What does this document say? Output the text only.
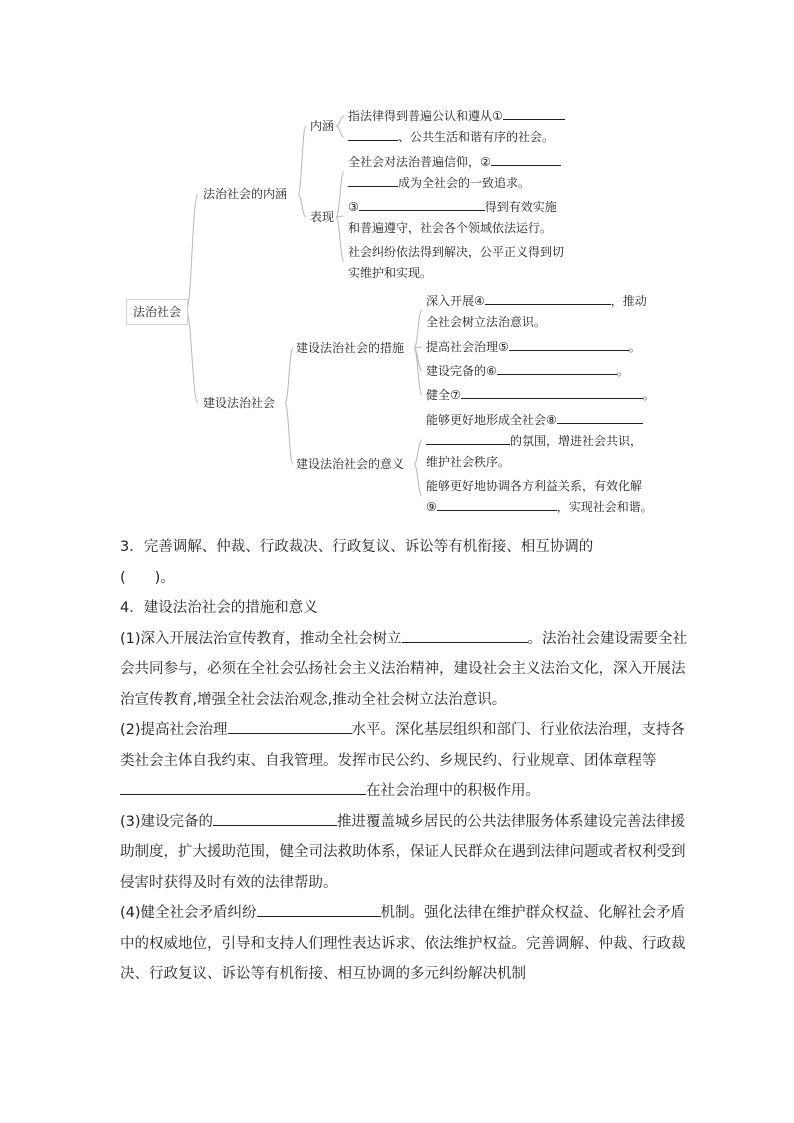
法治社会
法治社会的内涵
内涵
表现
指法律得到普遍公认和遵从①
、公共生活和谐有序的社会。
全社会对法治普遍信仰，②
成为全社会的一致追求。
③	得到有效实施
和普遍遵守，社会各个领域依法运行。
社会纠纷依法得到解决，公平正义得到切
实维护和实现。
建设法治社会
建设法治社会的措施
建设法治社会的意义
深入开展④	，推动
全社会树立法治意识。
提高社会治理⑤	。
建设完备的⑥	。
健全⑦	。
能够更好地形成全社会⑧
的氛围，增进社会共识，
维护社会秩序。
能够更好地协调各方利益关系，有效化解
⑨	，实现社会和谐。

3．完善调解、仲裁、行政裁决、行政复议、诉讼等有机衔接、相互协调的

(　　)。

4．建设法治社会的措施和意义

(1)深入开展法治宣传教育，推动全社会树立	。法治社会建设需要全社会共同参与，必须在全社会弘扬社会主义法治精神，建设社会主义法治文化，深入开展法治宣传教育,增强全社会法治观念,推动全社会树立法治意识。

(2)提高社会治理	水平。深化基层组织和部门、行业依法治理，支持各类社会主体自我约束、自我管理。发挥市民公约、乡规民约、行业规章、团体章程等在社会治理中的积极作用。

(3)建设完备的	推进覆盖城乡居民的公共法律服务体系建设完善法律援助制度，扩大援助范围，健全司法救助体系，保证人民群众在遇到法律问题或者权利受到侵害时获得及时有效的法律帮助。

(4)健全社会矛盾纠纷	机制。强化法律在维护群众权益、化解社会矛盾中的权威地位，引导和支持人们理性表达诉求、依法维护权益。完善调解、仲裁、行政裁决、行政复议、诉讼等有机衔接、相互协调的多元纠纷解决机制
